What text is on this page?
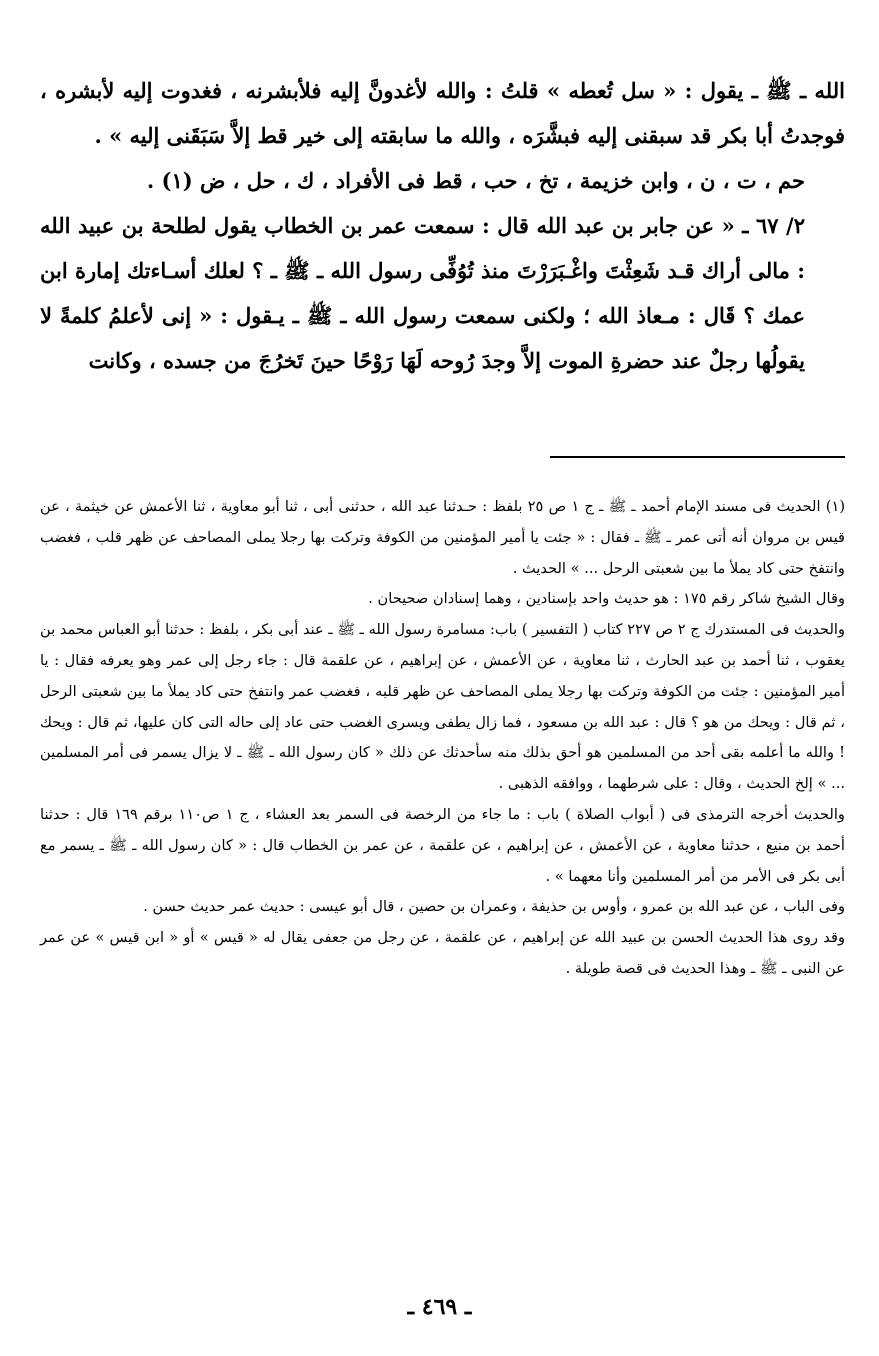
الله ـ ﷺ ـ يقول : « سل تُعطه » قلتُ : والله لأغدونَّ إليه فلأبشرنه ، فغدوت إليه لأبشره ، فوجدتُ أبا بكر قد سبقنى إليه فبشَّرَه ، والله ما سابقته إلى خير قط إلاَّ سَبَقَنى إليه » .

حم ، ت ، ن ، وابن خزيمة ، تخ ، حب ، قط فى الأفراد ، ك ، حل ، ض (١) .

٢/ ٦٧ ـ « عن جابر بن عبد الله قال : سمعت عمر بن الخطاب يقول لطلحة بن عبيد الله : مالى أراك قـد شَعِثْتَ واغْـبَرَرْتَ منذ تُوُفِّى رسول الله ـ ﷺ ـ ؟ لعلك أسـاءتك إمارة ابن عمك ؟ قَال : مـعاذ الله ؛ ولكنى سمعت رسول الله ـ ﷺ ـ يـقول : « إنى لأعلمُ كلمةً لا يقولُها رجلٌ عند حضرةِ الموت إلاَّ وجدَ رُوحه لَهَا رَوْحًا حينَ تَخرُجَ من جسده ، وكانت

(١) الحديث فى مسند الإمام أحمد ـ ﷺ ـ ج ١ ص ٢٥ بلفظ : حـدثنا عبد الله ، حدثنى أبى ، ثنا أبو معاوية ، ثنا الأعمش عن خيثمة ، عن قيس بن مروان أنه أتى عمر ـ ﷺ ـ فقال : « جئت يا أمير المؤمنين من الكوفة وتركت بها رجلا يملى المصاحف عن ظهر قلب ، فغضب وانتفخ حتى كاد يملأ ما بين شعبتى الرحل ... » الحديث .

وقال الشيخ شاكر رقم ١٧٥ : هو حديث واحد بإسنادين ، وهما إسنادان صحيحان .

والحديث فى المستدرك ج ٢ ص ٢٢٧ كتاب ( التفسير ) باب: مسامرة رسول الله ـ ﷺ ـ عند أبى بكر ، بلفظ : حدثنا أبو العباس محمد بن يعقوب ، ثنا أحمد بن عبد الحارث ، ثنا معاوية ، عن الأعمش ، عن إبراهيم ، عن علقمة قال : جاء رجل إلى عمر وهو يعرفه فقال : يا أمير المؤمنين : جئت من الكوفة وتركت بها رجلا يملى المصاحف عن ظهر قلبه ، فغضب عمر وانتفخ حتى كاد يملأ ما بين شعبتى الرحل ، ثم قال : ويحك من هو ؟ قال : عبد الله بن مسعود ، فما زال يطفى ويسرى الغضب حتى عاد إلى حاله التى كان عليها، ثم قال : ويحك ! والله ما أعلمه بقى أحد من المسلمين هو أحق بذلك منه سأحدثك عن ذلك « كان رسول الله ـ ﷺ ـ لا يزال يسمر فى أمر المسلمين ... » إلخ الحديث ، وقال : على شرطهما ، ووافقه الذهبى .

والحديث أخرجه الترمذى فى ( أبواب الصلاة ) باب : ما جاء من الرخصة فى السمر بعد العشاء ، ج ١ ص١١٠ برقم ١٦٩ قال : حدثنا أحمد بن منيع ، حدثنا معاوية ، عن الأعمش ، عن إبراهيم ، عن علقمة ، عن عمر بن الخطاب قال : « كان رسول الله ـ ﷺ ـ يسمر مع أبى بكر فى الأمر من أمر المسلمين وأنا معهما » .

وفى الباب ، عن عبد الله بن عمرو ، وأوس بن حذيفة ، وعمران بن حصين ، قال أبو عيسى : حديث عمر حديث حسن .

وقد روى هذا الحديث الحسن بن عبيد الله عن إبراهيم ، عن علقمة ، عن رجل من جعفى يقال له « قيس » أو « ابن قيس » عن عمر عن النبى ـ ﷺ ـ وهذا الحديث فى قصة طويلة .

ـ ٤٦٩ ـ
